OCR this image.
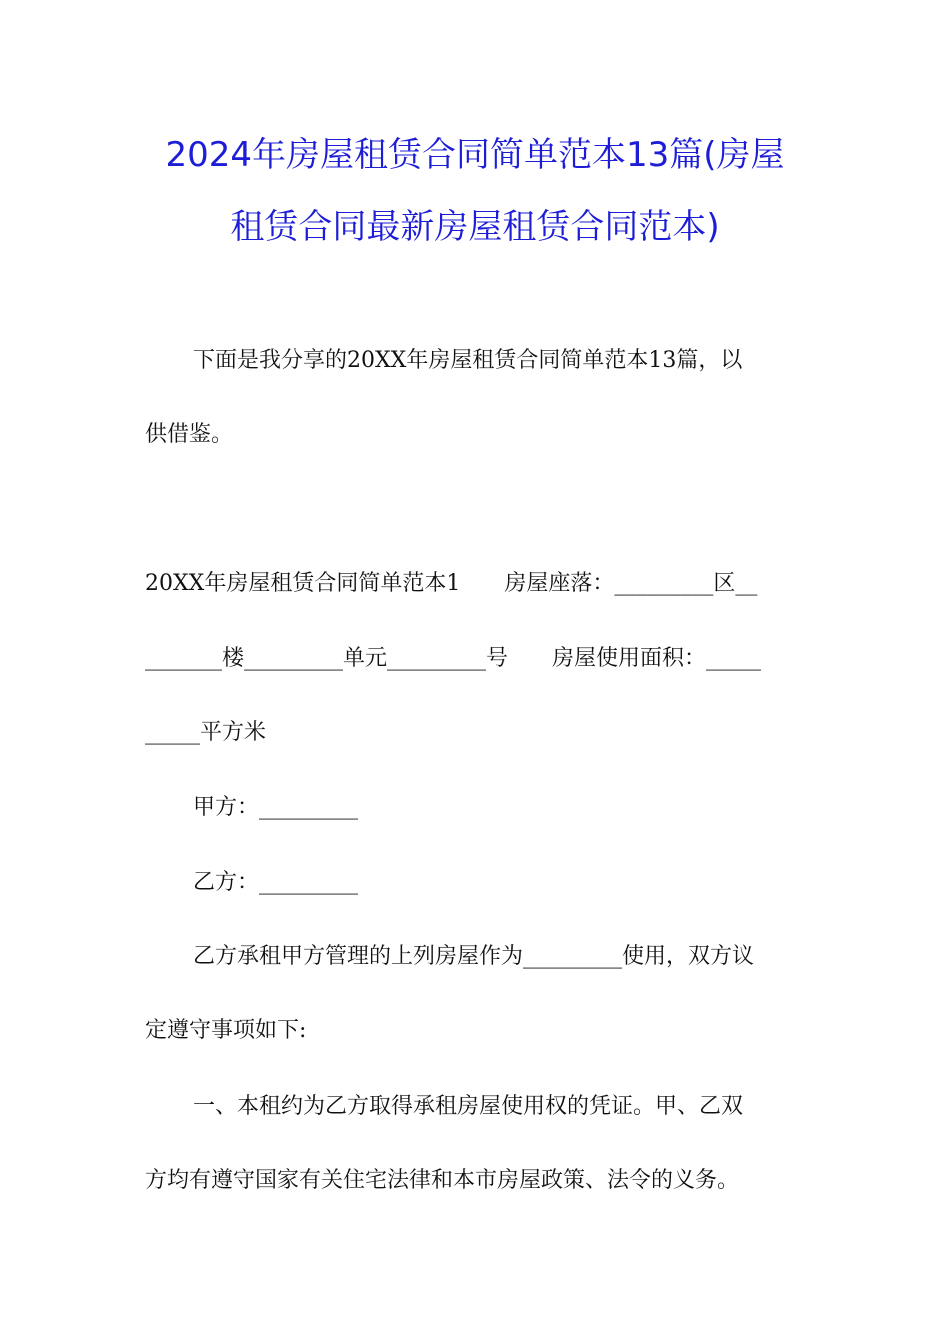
2024年房屋租赁合同简单范本13篇(房屋
租赁合同最新房屋租赁合同范本)
下面是我分享的20XX年房屋租赁合同简单范本13篇，以
供借鉴。
20XX年房屋租赁合同简单范本1　　房屋座落：_________区__
_______楼_________单元_________号　　房屋使用面积：_____
_____平方米
甲方：_________
乙方：_________
乙方承租甲方管理的上列房屋作为_________使用，双方议
定遵守事项如下:
一、本租约为乙方取得承租房屋使用权的凭证。甲、乙双
方均有遵守国家有关住宅法律和本市房屋政策、法令的义务。
